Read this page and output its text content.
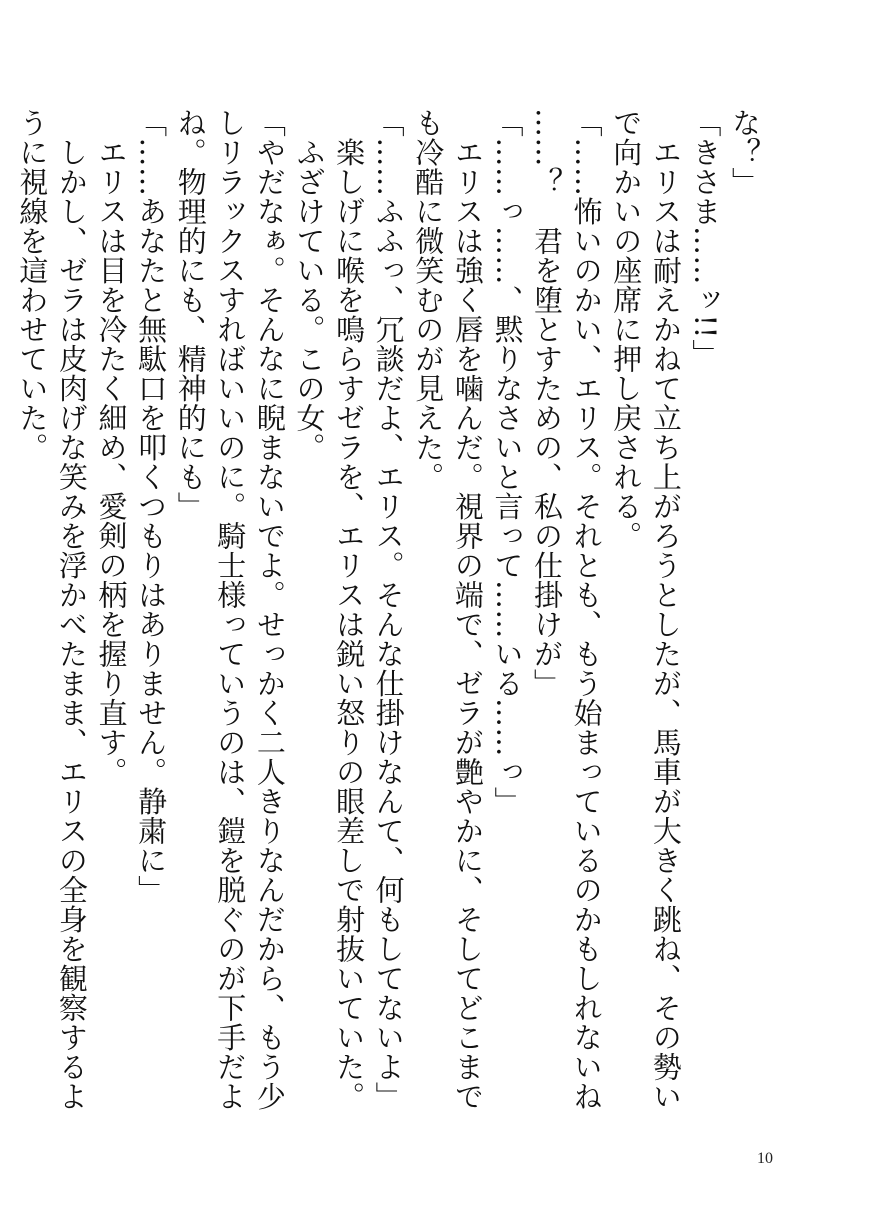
な？」
「きさま……ッ!!」
　エリスは耐えかねて立ち上がろうとしたが、馬車が大きく跳ね、その勢い
で向かいの座席に押し戻される。
「……怖いのかい、エリス。それとも、もう始まっているのかもしれないね
……？　君を堕とすための、私の仕掛けが」
「……っ……、黙りなさいと言って……いる……っ」
　エリスは強く唇を噛んだ。視界の端で、ゼラが艶やかに、そしてどこまで
も冷酷に微笑むのが見えた。
「……ふふっ、冗談だよ、エリス。そんな仕掛けなんて、何もしてないよ」
　楽しげに喉を鳴らすゼラを、エリスは鋭い怒りの眼差しで射抜いていた。
　ふざけている。この女。
「やだなぁ。そんなに睨まないでよ。せっかく二人きりなんだから、もう少
しリラックスすればいいのに。騎士様っていうのは、鎧を脱ぐのが下手だよ
ね。物理的にも、精神的にも」
「……あなたと無駄口を叩くつもりはありません。静粛に」
　エリスは目を冷たく細め、愛剣の柄を握り直す。
　しかし、ゼラは皮肉げな笑みを浮かべたまま、エリスの全身を観察するよ
うに視線を這わせていた。
10
